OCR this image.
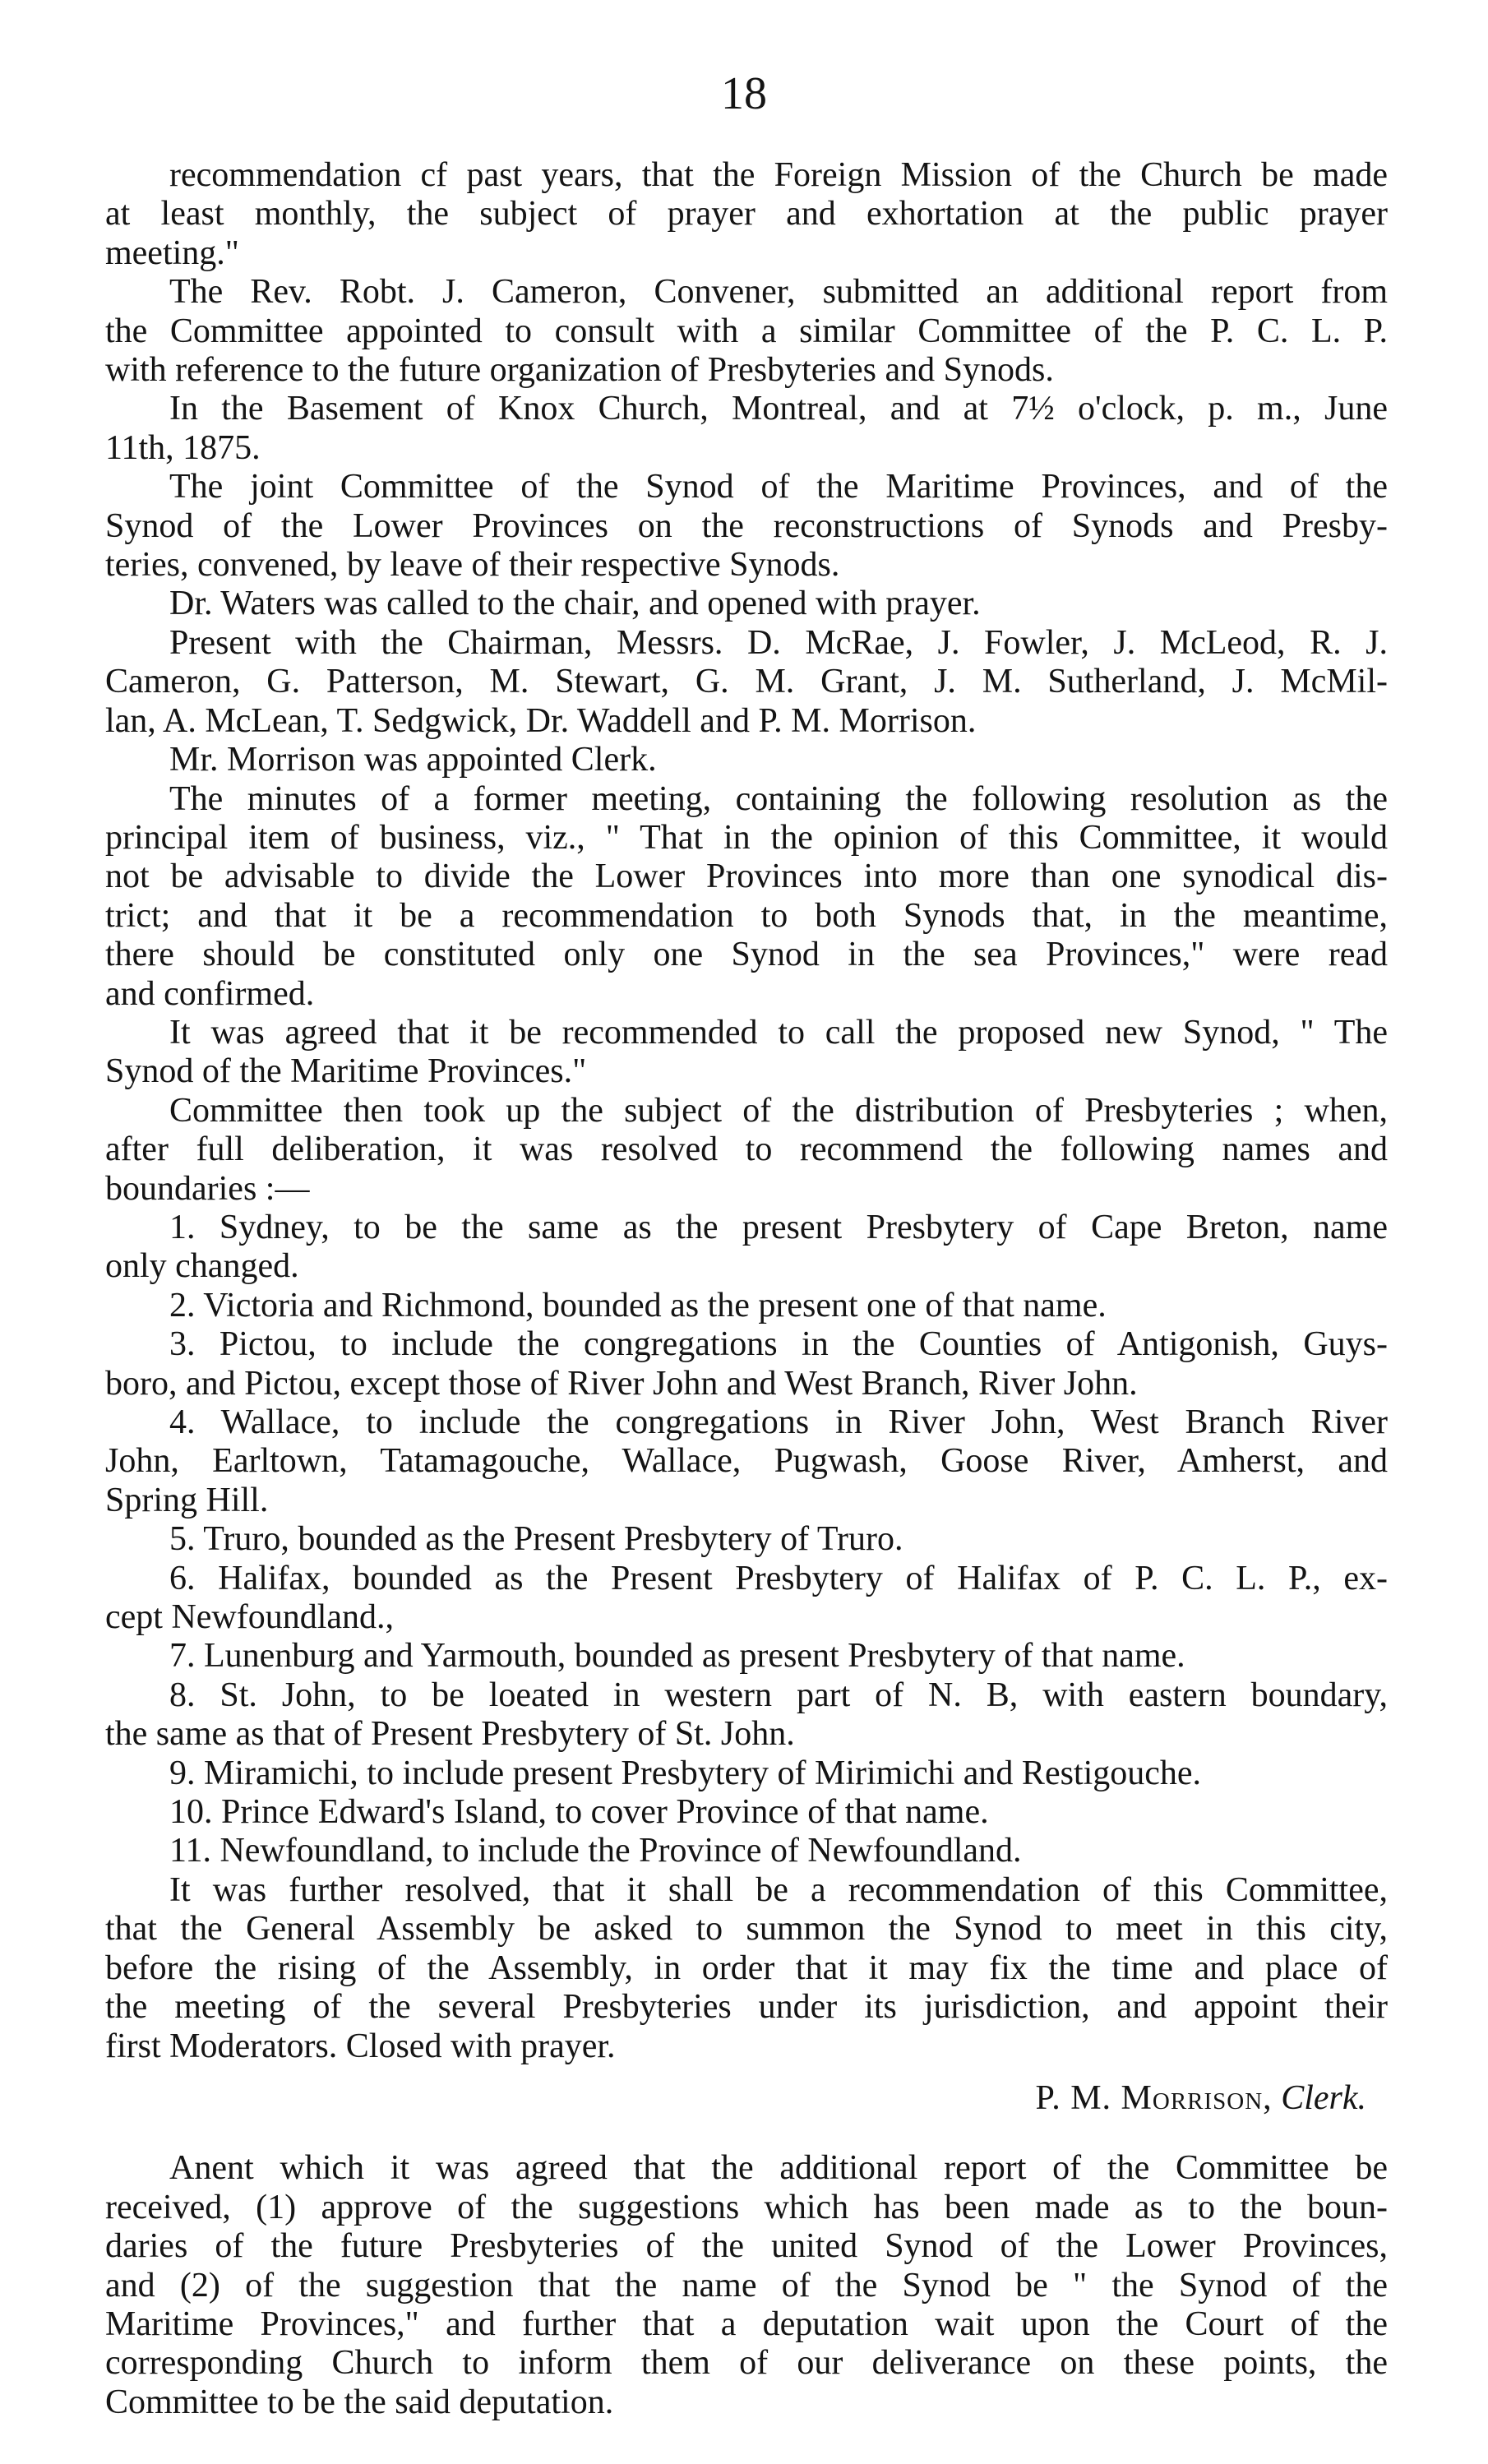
18
recommendation cf past years, that the Foreign Mission of the Church be made
at least monthly, the subject of prayer and exhortation at the public prayer
meeting."
The Rev. Robt. J. Cameron, Convener, submitted an additional report from
the Committee appointed to consult with a similar Committee of the P. C. L. P.
with reference to the future organization of Presbyteries and Synods.
In the Basement of Knox Church, Montreal, and at 7½ o'clock, p. m., June
11th, 1875.
The joint Committee of the Synod of the Maritime Provinces, and of the
Synod of the Lower Provinces on the reconstructions of Synods and Presby-
teries, convened, by leave of their respective Synods.
Dr. Waters was called to the chair, and opened with prayer.
Present with the Chairman, Messrs. D. McRae, J. Fowler, J. McLeod, R. J.
Cameron, G. Patterson, M. Stewart, G. M. Grant, J. M. Sutherland, J. McMil-
lan, A. McLean, T. Sedgwick, Dr. Waddell and P. M. Morrison.
Mr. Morrison was appointed Clerk.
The minutes of a former meeting, containing the following resolution as the
principal item of business, viz., " That in the opinion of this Committee, it would
not be advisable to divide the Lower Provinces into more than one synodical dis-
trict; and that it be a recommendation to both Synods that, in the meantime,
there should be constituted only one Synod in the sea Provinces," were read
and confirmed.
It was agreed that it be recommended to call the proposed new Synod, " The
Synod of the Maritime Provinces."
Committee then took up the subject of the distribution of Presbyteries ; when,
after full deliberation, it was resolved to recommend the following names and
boundaries :—
1. Sydney, to be the same as the present Presbytery of Cape Breton, name
only changed.
2. Victoria and Richmond, bounded as the present one of that name.
3. Pictou, to include the congregations in the Counties of Antigonish, Guys-
boro, and Pictou, except those of River John and West Branch, River John.
4. Wallace, to include the congregations in River John, West Branch River
John, Earltown, Tatamagouche, Wallace, Pugwash, Goose River, Amherst, and
Spring Hill.
5. Truro, bounded as the Present Presbytery of Truro.
6. Halifax, bounded as the Present Presbytery of Halifax of P. C. L. P., ex-
cept Newfoundland.,
7. Lunenburg and Yarmouth, bounded as present Presbytery of that name.
8. St. John, to be loeated in western part of N. B, with eastern boundary,
the same as that of Present Presbytery of St. John.
9. Miramichi, to include present Presbytery of Mirimichi and Restigouche.
10. Prince Edward's Island, to cover Province of that name.
11. Newfoundland, to include the Province of Newfoundland.
It was further resolved, that it shall be a recommendation of this Committee,
that the General Assembly be asked to summon the Synod to meet in this city,
before the rising of the Assembly, in order that it may fix the time and place of
the meeting of the several Presbyteries under its jurisdiction, and appoint their
first Moderators. Closed with prayer.
P. M. Morrison, Clerk.
Anent which it was agreed that the additional report of the Committee be
received, (1) approve of the suggestions which has been made as to the boun-
daries of the future Presbyteries of the united Synod of the Lower Provinces,
and (2) of the suggestion that the name of the Synod be " the Synod of the
Maritime Provinces," and further that a deputation wait upon the Court of the
corresponding Church to inform them of our deliverance on these points, the
Committee to be the said deputation.
